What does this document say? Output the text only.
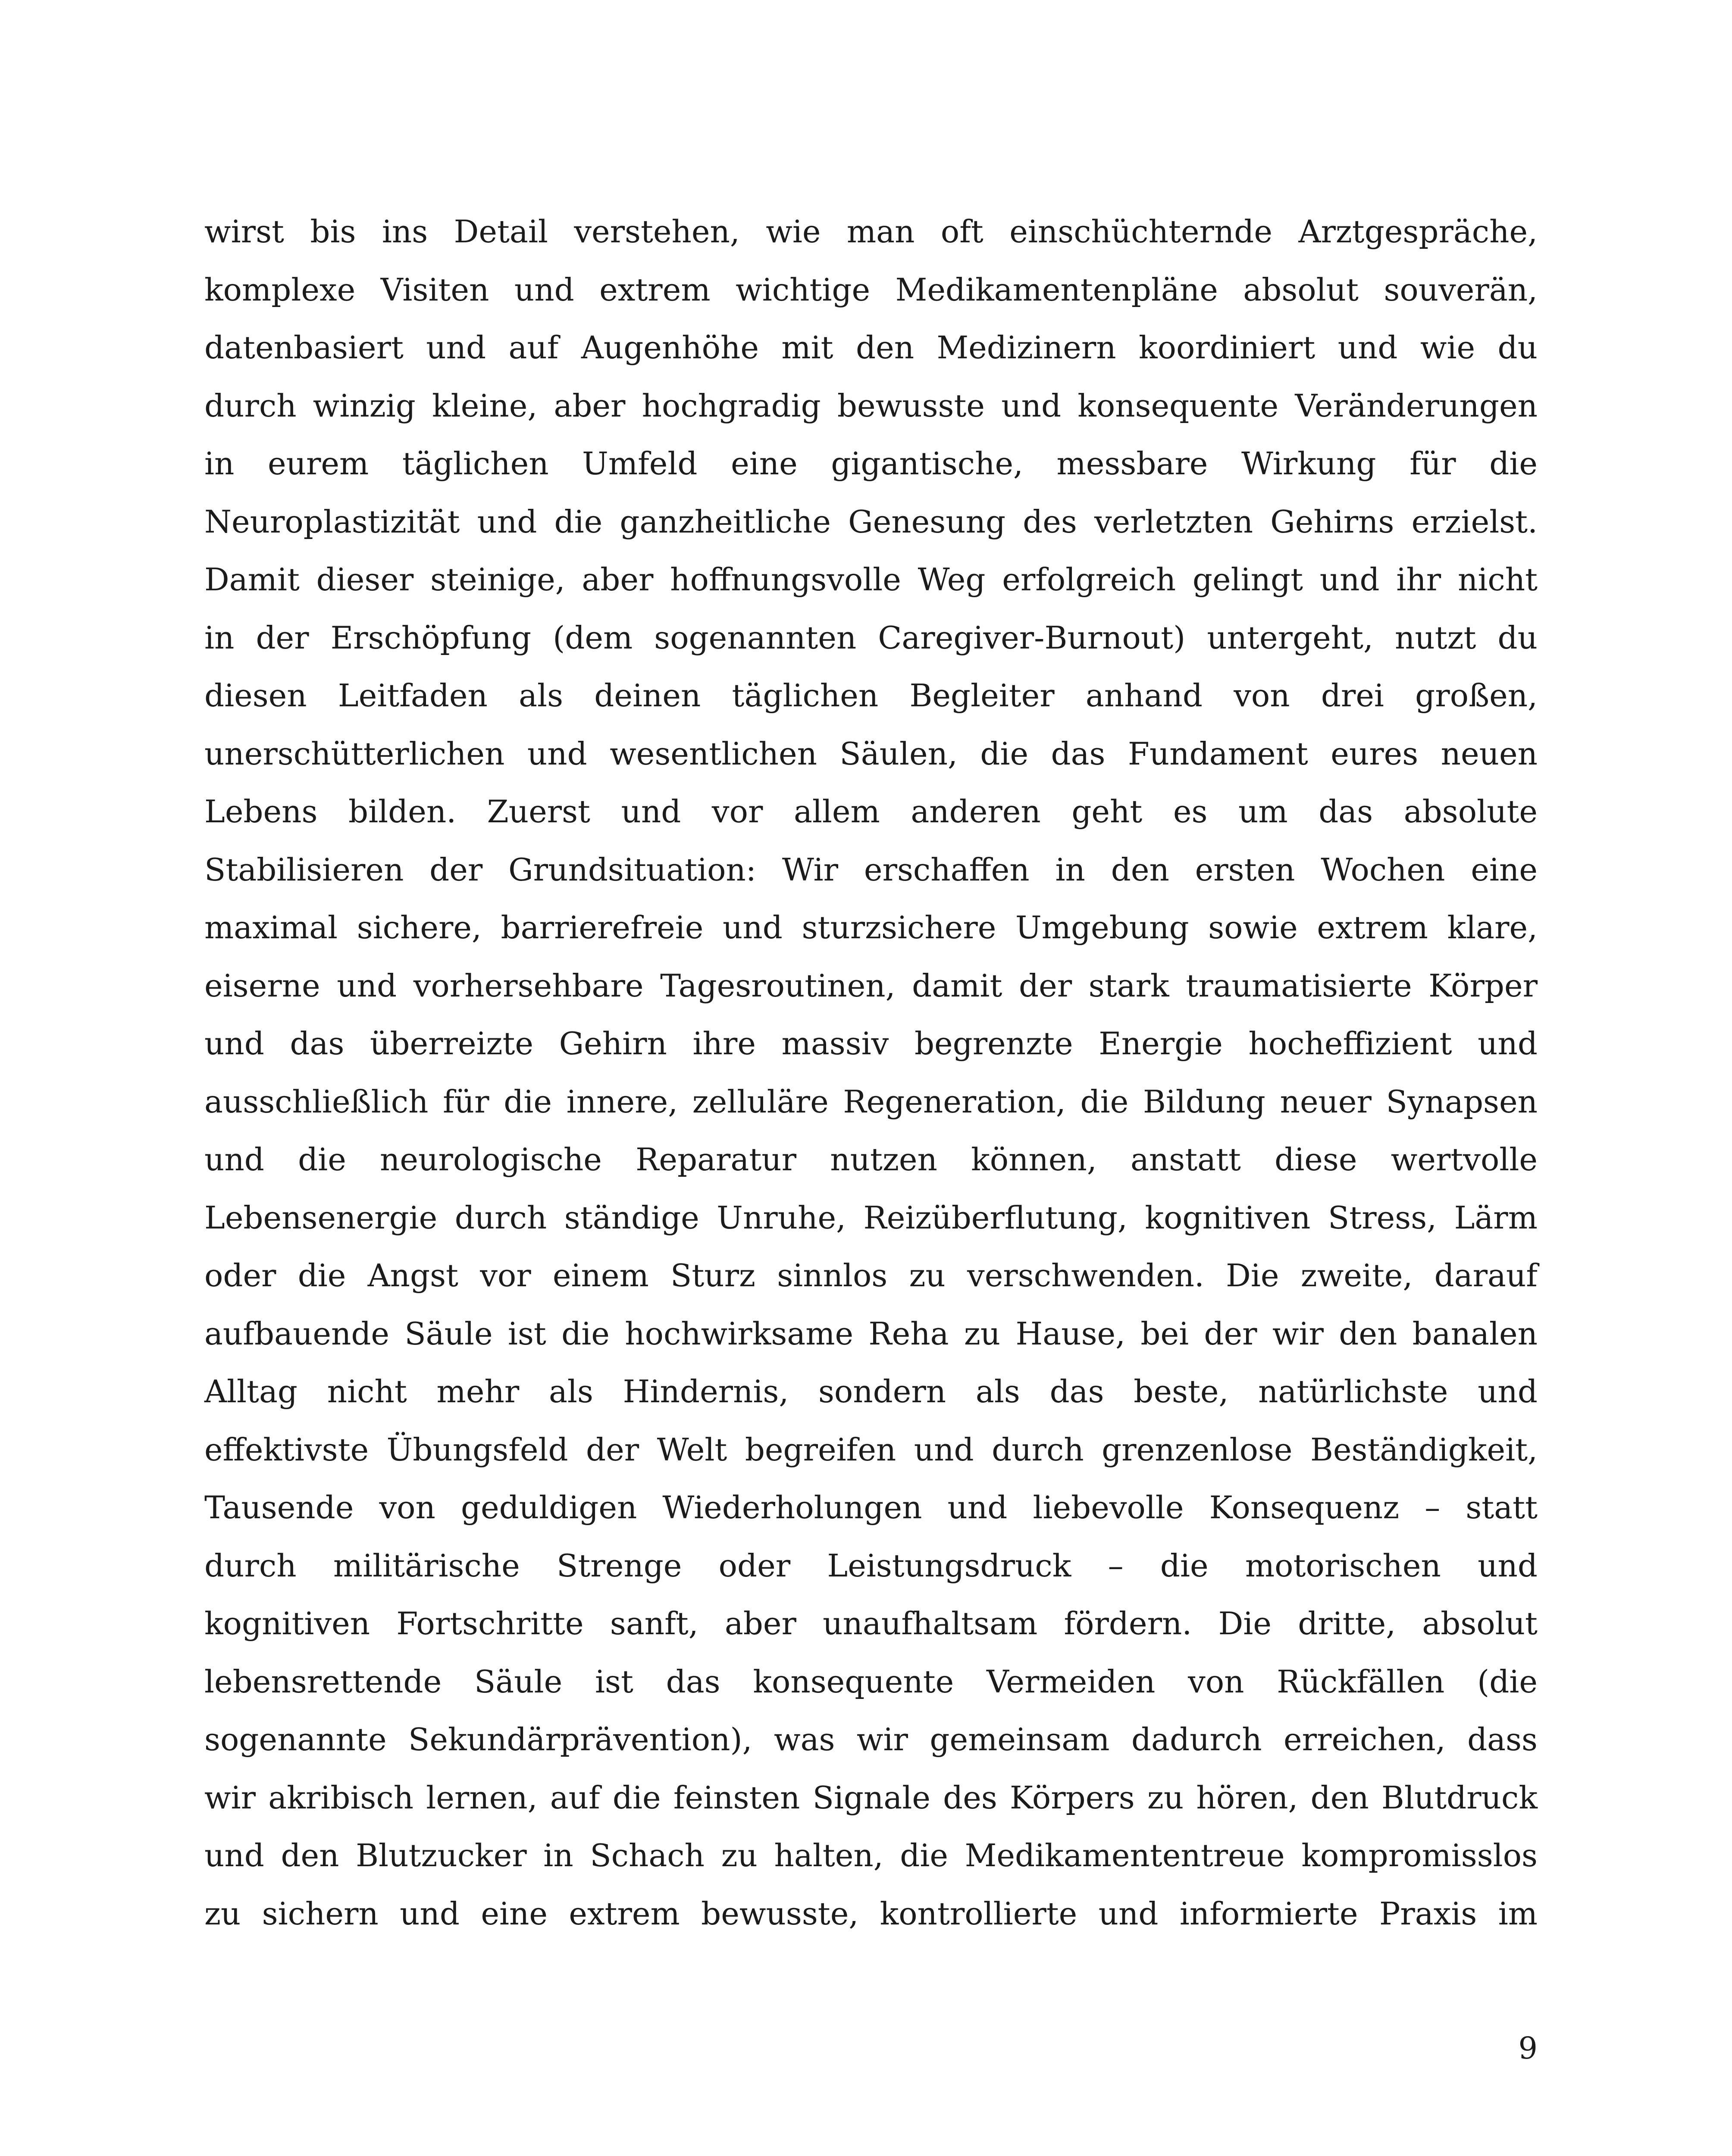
wirst bis ins Detail verstehen, wie man oft einschüchternde Arztgespräche,
komplexe Visiten und extrem wichtige Medikamentenpläne absolut souverän,
datenbasiert und auf Augenhöhe mit den Medizinern koordiniert und wie du
durch winzig kleine, aber hochgradig bewusste und konsequente Veränderungen
in eurem täglichen Umfeld eine gigantische, messbare Wirkung für die
Neuroplastizität und die ganzheitliche Genesung des verletzten Gehirns erzielst.
Damit dieser steinige, aber hoffnungsvolle Weg erfolgreich gelingt und ihr nicht
in der Erschöpfung (dem sogenannten Caregiver-Burnout) untergeht, nutzt du
diesen Leitfaden als deinen täglichen Begleiter anhand von drei großen,
unerschütterlichen und wesentlichen Säulen, die das Fundament eures neuen
Lebens bilden. Zuerst und vor allem anderen geht es um das absolute
Stabilisieren der Grundsituation: Wir erschaffen in den ersten Wochen eine
maximal sichere, barrierefreie und sturzsichere Umgebung sowie extrem klare,
eiserne und vorhersehbare Tagesroutinen, damit der stark traumatisierte Körper
und das überreizte Gehirn ihre massiv begrenzte Energie hocheffizient und
ausschließlich für die innere, zelluläre Regeneration, die Bildung neuer Synapsen
und die neurologische Reparatur nutzen können, anstatt diese wertvolle
Lebensenergie durch ständige Unruhe, Reizüberflutung, kognitiven Stress, Lärm
oder die Angst vor einem Sturz sinnlos zu verschwenden. Die zweite, darauf
aufbauende Säule ist die hochwirksame Reha zu Hause, bei der wir den banalen
Alltag nicht mehr als Hindernis, sondern als das beste, natürlichste und
effektivste Übungsfeld der Welt begreifen und durch grenzenlose Beständigkeit,
Tausende von geduldigen Wiederholungen und liebevolle Konsequenz – statt
durch militärische Strenge oder Leistungsdruck – die motorischen und
kognitiven Fortschritte sanft, aber unaufhaltsam fördern. Die dritte, absolut
lebensrettende Säule ist das konsequente Vermeiden von Rückfällen (die
sogenannte Sekundärprävention), was wir gemeinsam dadurch erreichen, dass
wir akribisch lernen, auf die feinsten Signale des Körpers zu hören, den Blutdruck
und den Blutzucker in Schach zu halten, die Medikamententreue kompromisslos
zu sichern und eine extrem bewusste, kontrollierte und informierte Praxis im
9
